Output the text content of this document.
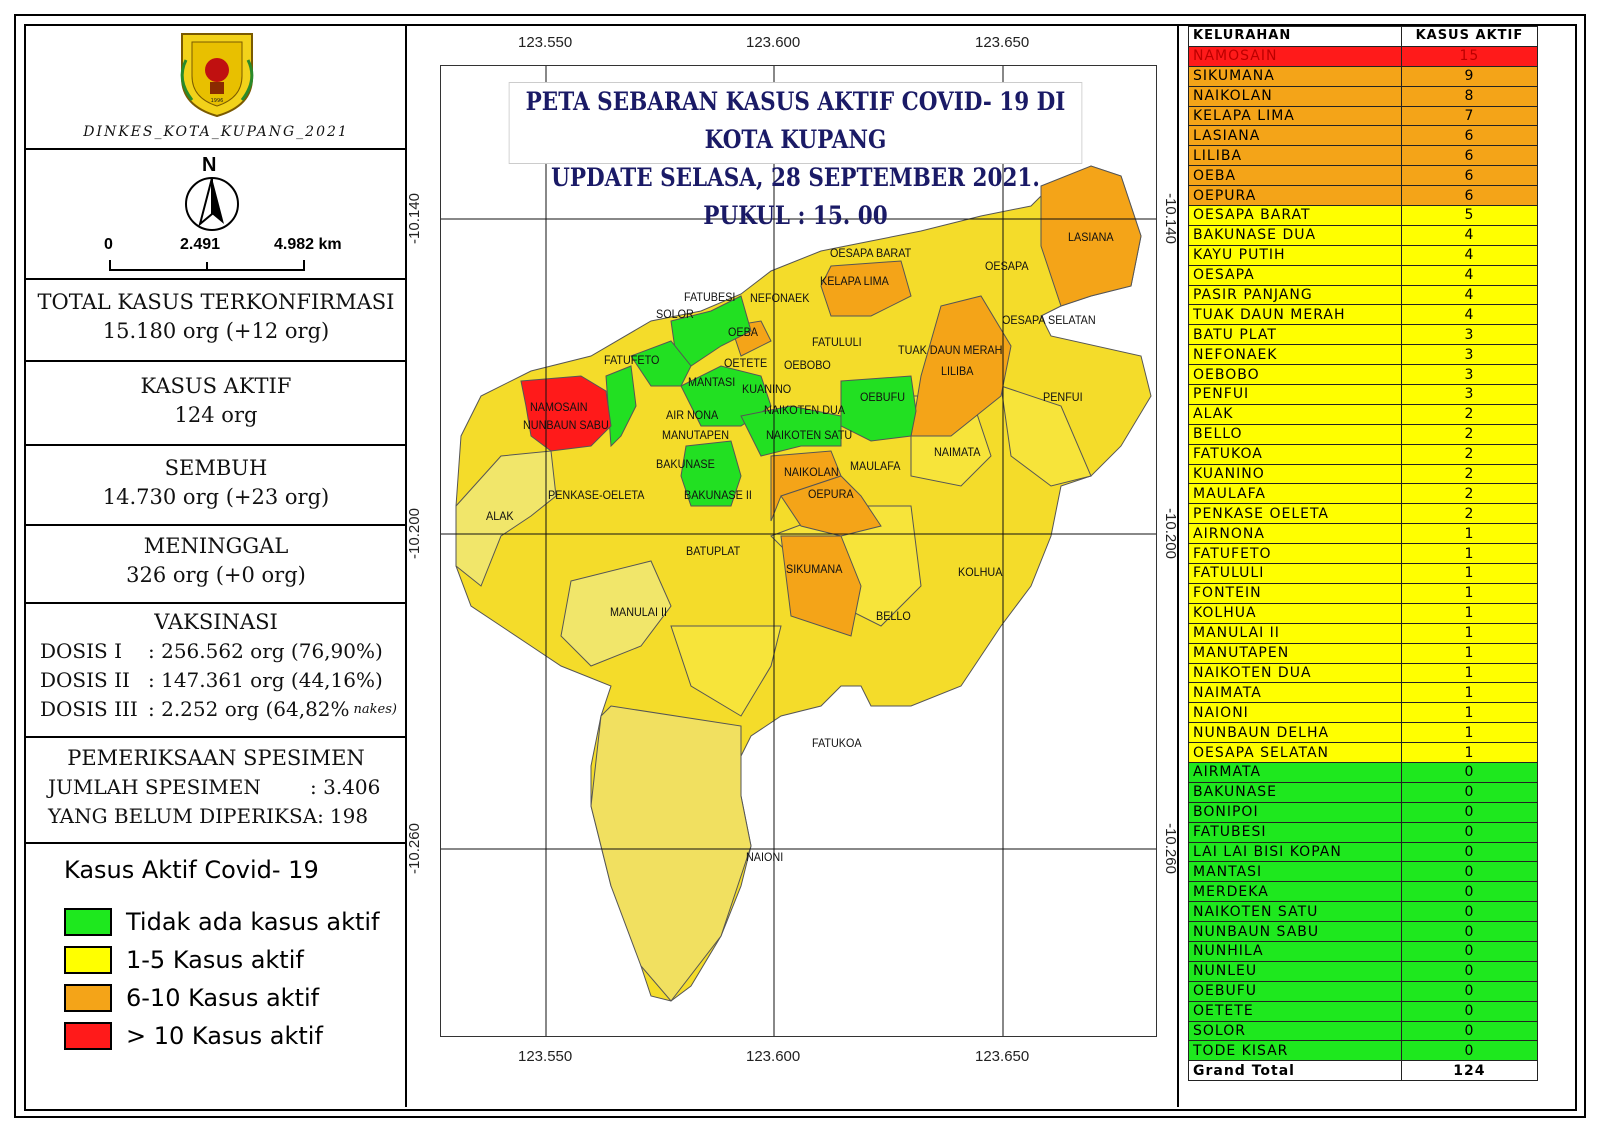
1996
DINKES_KOTA_KUPANG_2021
N
0	2.491	4.982 km
TOTAL KASUS TERKONFIRMASI
15.180 org (+12 org)
KASUS AKTIF
124 org
SEMBUH
14.730 org (+23 org)
MENINGGAL
326 org (+0 org)
VAKSINASI
DOSIS I	: 256.562 org (76,90%)
DOSIS II : 147.361 org (44,16%)
DOSIS III : 2.252 org (64,82% nakes)
PEMERIKSAAN SPESIMEN
JUMLAH SPESIMEN	: 3.406
YANG BELUM DIPERIKSA: 198
Kasus Aktif Covid- 19
Tidak ada kasus aktif
1-5 Kasus aktif
6-10 Kasus aktif
> 10 Kasus aktif
PETA SEBARAN KASUS AKTIF COVID- 19 DI KOTA KUPANG
UPDATE SELASA, 28 SEPTEMBER 2021. PUKUL : 15. 00
123.550	123.600	123.650
123.550	123.600	123.650
-10.140
-10.200
-10.260
-10.140
-10.200
-10.260
LASIANA
OESAPA BARAT
OESAPA
KELAPA LIMA
FATUBESI NEFONAEK
OESAPA SELATAN
SOLOR
OEBA
FATULULI
TUAK DAUN MERAH
FATUFETO	OETETE OEBOBO	LILIBA
MANTASI KUANINO
OEBUFU	PENFUI
NAMOSAIN
NUNBAUN SABU
AIR NONA	NAIKOTEN DUA
MANUTAPEN	NAIKOTEN SATU
BAKUNASE
NAIKOLAN MAULAFA
NAIMATA
PENKASE-OELETA	BAKUNASE II	OEPURA
ALAK
BATUPLAT
SIKUMANA	KOLHUA
MANULAI II	BELLO
FATUKOA
NAIONI
KELURAHAN	KASUS AKTIF
NAMOSAIN	15
SIKUMANA	9
NAIKOLAN	8
KELAPA LIMA	7
LASIANA	6
LILIBA	6
OEBA	6
OEPURA	6
OESAPA BARAT	5
BAKUNASE DUA	4
KAYU PUTIH	4
OESAPA	4
PASIR PANJANG	4
TUAK DAUN MERAH	4
BATU PLAT	3
NEFONAEK	3
OEBOBO	3
PENFUI	3
ALAK	2
BELLO	2
FATUKOA	2
KUANINO	2
MAULAFA	2
PENKASE OELETA	2
AIRNONA	1
FATUFETO	1
FATULULI	1
FONTEIN	1
KOLHUA	1
MANULAI II	1
MANUTAPEN	1
NAIKOTEN DUA	1
NAIMATA	1
NAIONI	1
NUNBAUN DELHA	1
OESAPA SELATAN	1
AIRMATA	0
BAKUNASE	0
BONIPOI	0
FATUBESI	0
LAI LAI BISI KOPAN	0
MANTASI	0
MERDEKA	0
NAIKOTEN SATU	0
NUNBAUN SABU	0
NUNHILA	0
NUNLEU	0
OEBUFU	0
OETETE	0
SOLOR	0
TODE KISAR	0
Grand Total	124
